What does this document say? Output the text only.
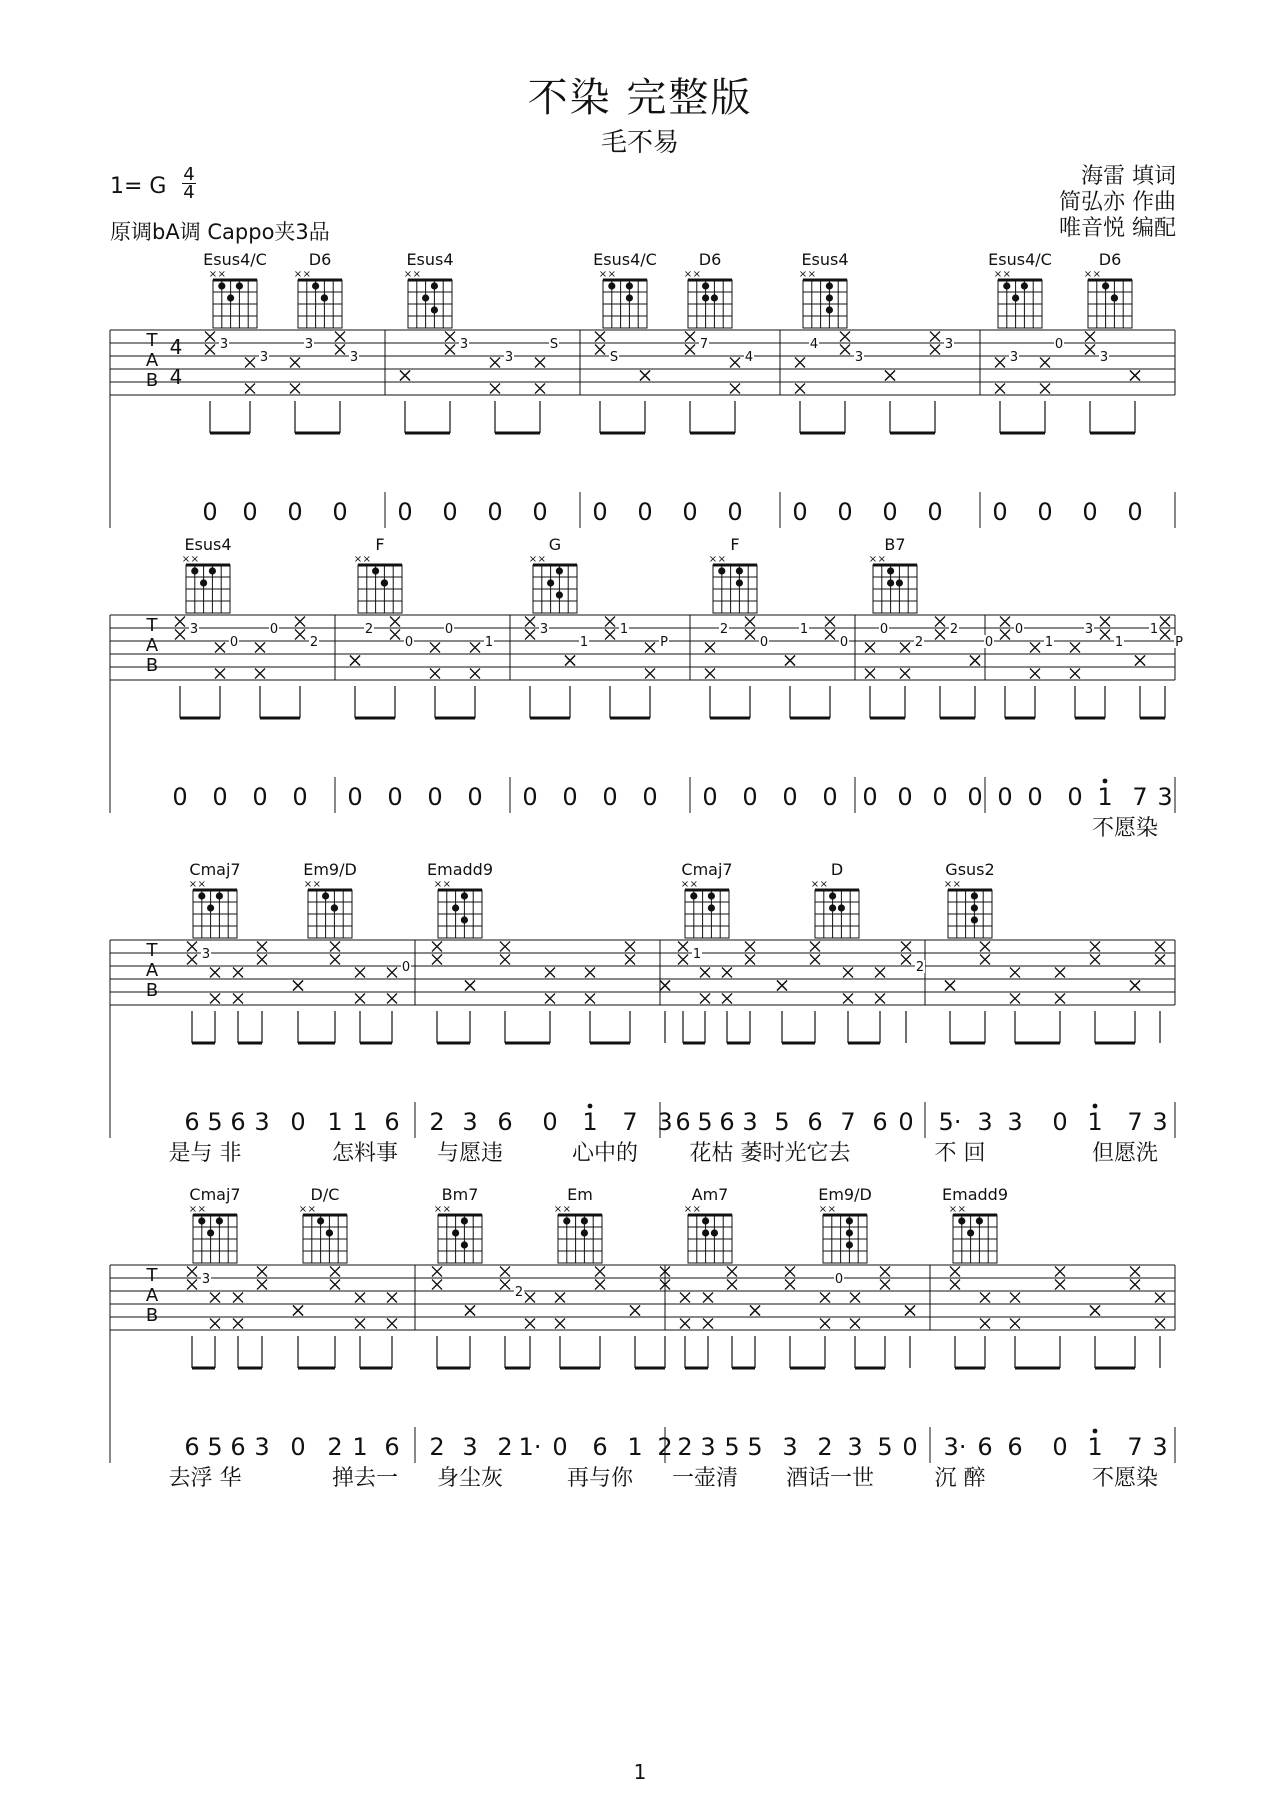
不染 完整版
毛不易
1= G 4
4
原调bA调 Cappo夹3品
海雷 填词
简弘亦 作曲
唯音悦 编配
Esus4/C
× ×
D6
× ×
Esus4
× ×
Esus4/C
× ×
D6
× ×
Esus4
× ×
Esus4/C
× ×
D6
× ×
T
A
B
4
4
3
3
3
3
3
3
S
S
7
4
4
3
3
3
0
3
0 0 0 0 0 0 0 0 0 0 0 0 0 0 0 0 0 0 0 0
Esus4
× ×
F
× ×
G
× ×
F
× ×
B7
× ×
T
A
B
3
0
0
2
2
0
0
1
3
1
1
P
2
0
1
0
0
2
2
0
0
1
3
1
1
P
0 0 0 0 0 0 0 0 0 0 0 0 0 0 0 0 0 0 0 0 0 0 0 1 7 3
不愿染
Cmaj7
× ×
Em9/D
× ×
Emadd9
× ×
Cmaj7
× ×
D
× ×
Gsus2
× ×
T
A
B
3
0
1
2
6 5 6 3 0 1 1 6 2 3 6 0 1 7 3 6 5 6 3 5 6 7 6 0 5· 3 3 0 1 7 3
是与 非	怎料事 与愿违	心中的 花枯 萎时光它去	不 回	但愿洗
Cmaj7
× ×
D/C
× ×
Bm7
× ×
Em
× ×
Am7
× ×
Em9/D
× ×
Emadd9
× ×
T
A
B
3
2
0
6 5 6 3 0 2 1 6 2 3 2 1· 0 6 1 2 2 3 5 5 3 2 3 5 0 3· 6 6 0 1 7 3
去浮 华	掸去一 身尘灰	再与你 一壶清 酒话一世	沉 醉	不愿染
1
